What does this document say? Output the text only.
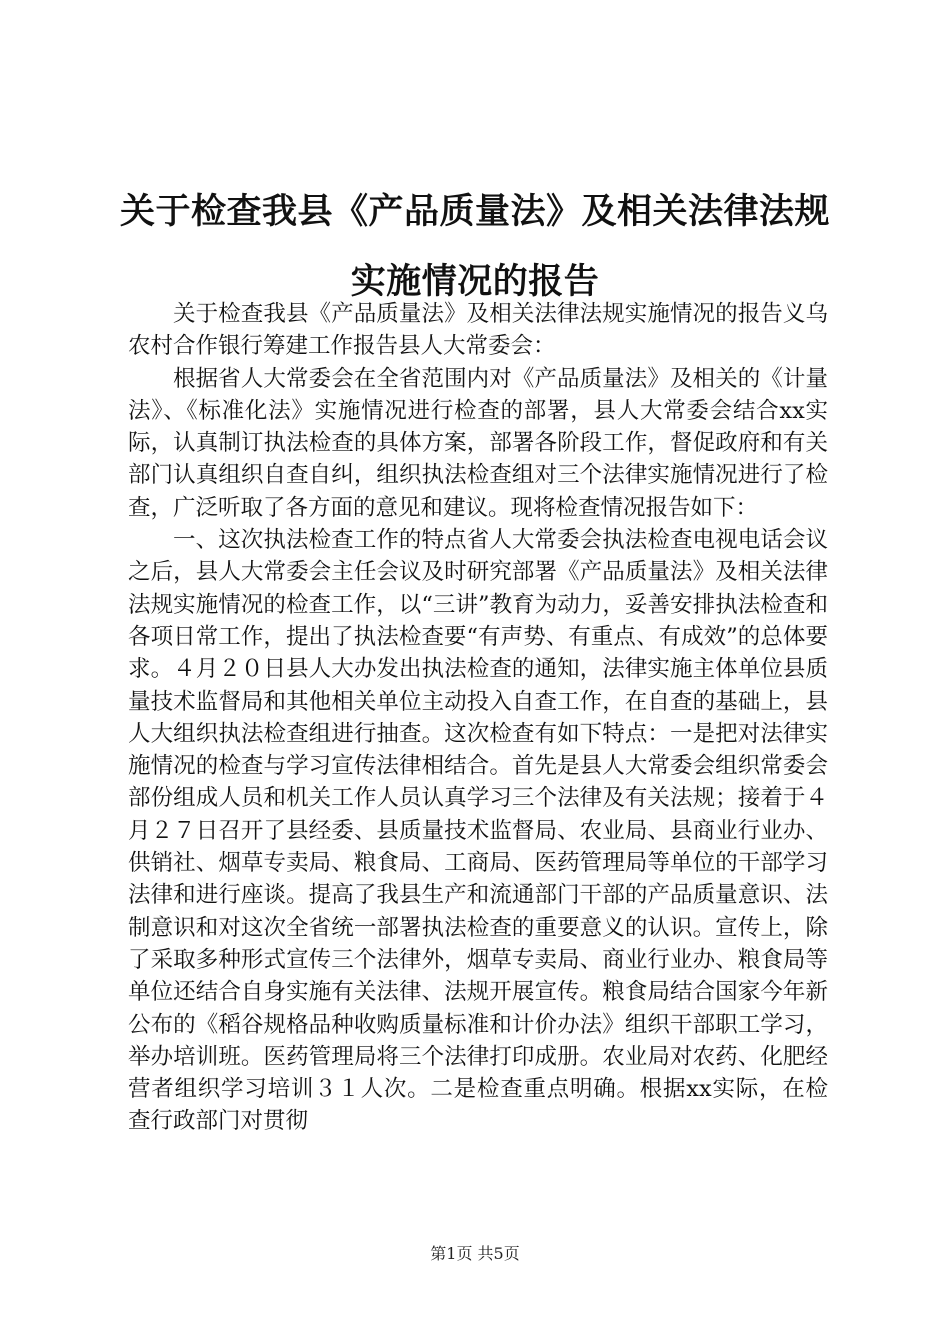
关于检查我县《产品质量法》及相关法律法规实施情况的报告

关于检查我县《产品质量法》及相关法律法规实施情况的报告义乌农村合作银行筹建工作报告县人大常委会：

根据省人大常委会在全省范围内对《产品质量法》及相关的《计量法》、《标准化法》实施情况进行检查的部署，县人大常委会结合xx实际，认真制订执法检查的具体方案，部署各阶段工作，督促政府和有关部门认真组织自查自纠，组织执法检查组对三个法律实施情况进行了检查，广泛听取了各方面的意见和建议。现将检查情况报告如下：

一、这次执法检查工作的特点省人大常委会执法检查电视电话会议之后，县人大常委会主任会议及时研究部署《产品质量法》及相关法律法规实施情况的检查工作，以“三讲”教育为动力，妥善安排执法检查和各项日常工作，提出了执法检查要“有声势、有重点、有成效”的总体要求。４月２０日县人大办发出执法检查的通知，法律实施主体单位县质量技术监督局和其他相关单位主动投入自查工作，在自查的基础上，县人大组织执法检查组进行抽查。这次检查有如下特点：一是把对法律实施情况的检查与学习宣传法律相结合。首先是县人大常委会组织常委会部份组成人员和机关工作人员认真学习三个法律及有关法规；接着于４月２７日召开了县经委、县质量技术监督局、农业局、县商业行业办、供销社、烟草专卖局、粮食局、工商局、医药管理局等单位的干部学习法律和进行座谈。提高了我县生产和流通部门干部的产品质量意识、法制意识和对这次全省统一部署执法检查的重要意义的认识。宣传上，除了采取多种形式宣传三个法律外，烟草专卖局、商业行业办、粮食局等单位还结合自身实施有关法律、法规开展宣传。粮食局结合国家今年新公布的《稻谷规格品种收购质量标准和计价办法》组织干部职工学习，举办培训班。医药管理局将三个法律打印成册。农业局对农药、化肥经营者组织学习培训３１人次。二是检查重点明确。根据xx实际，在检查行政部门对贯彻

第1页 共5页
